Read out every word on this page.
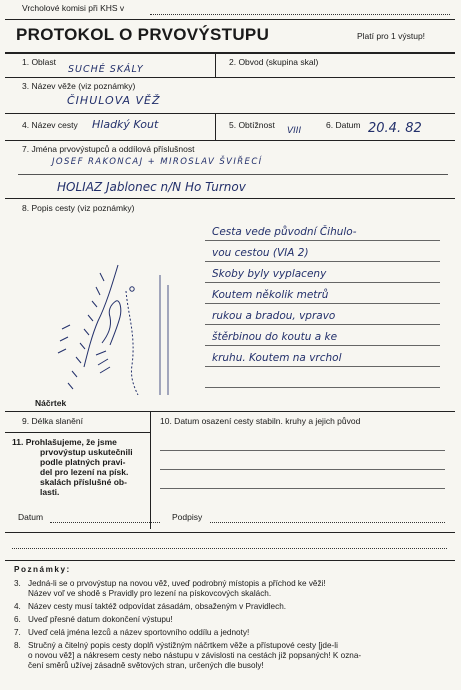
Vrcholové komisi při KHS v
PROTOKOL O PRVOVÝSTUPU	Platí pro 1 výstup!
1. Oblast
SUCHÉ SKÁLY
2. Obvod (skupina skal)
3. Název věže (viz poznámky)
ČIHULOVA VĚŽ
4. Název cesty Hladký Kout	5. Obtížnost
VIII
6. Datum 20.4. 82
7. Jména prvovýstupců a oddílová příslušnost
JOSEF RAKONCAJ + MIROSLAV ŠVIŘECÍ
HOLIAZ Jablonec n/N Ho Turnov
8. Popis cesty (viz poznámky)
Náčrtek
Cesta vede původní Čihulo-
vou cestou (VIA 2)
Skoby byly vyplaceny
Koutem několik metrů
rukou a bradou, vpravo
štěrbinou do koutu a ke
kruhu. Koutem na vrchol
9. Délka slanění	10. Datum osazení cesty stabiln. kruhy a jejich původ
11. Prohlašujeme, že jsme
prvovýstup uskutečnili
podle platných pravi-
del pro lezení na písk.
skalách příslušné ob-
lasti.
Datum	Podpisy
Poznámky:
3. Jedná-li se o prvovýstup na novou věž, uveď podrobný místopis a příchod ke věži!
Název voľ ve shodě s Pravidly pro lezení na pískovcových skalách.
4. Název cesty musí taktéž odpovídat zásadám, obsaženým v Pravidlech.
6. Uveď přesné datum dokončení výstupu!
7. Uveď celá jména lezců a název sportovního oddílu a jednoty!
8. Stručný a čitelný popis cesty doplň výstižným náčrtkem věže a přístupové cesty [jde-li
o novou věž] a nákresem cesty nebo nástupu v závislosti na cestách již popsaných! K ozna-
čení směrů užívej zásadně světových stran, určených dle busoly!
